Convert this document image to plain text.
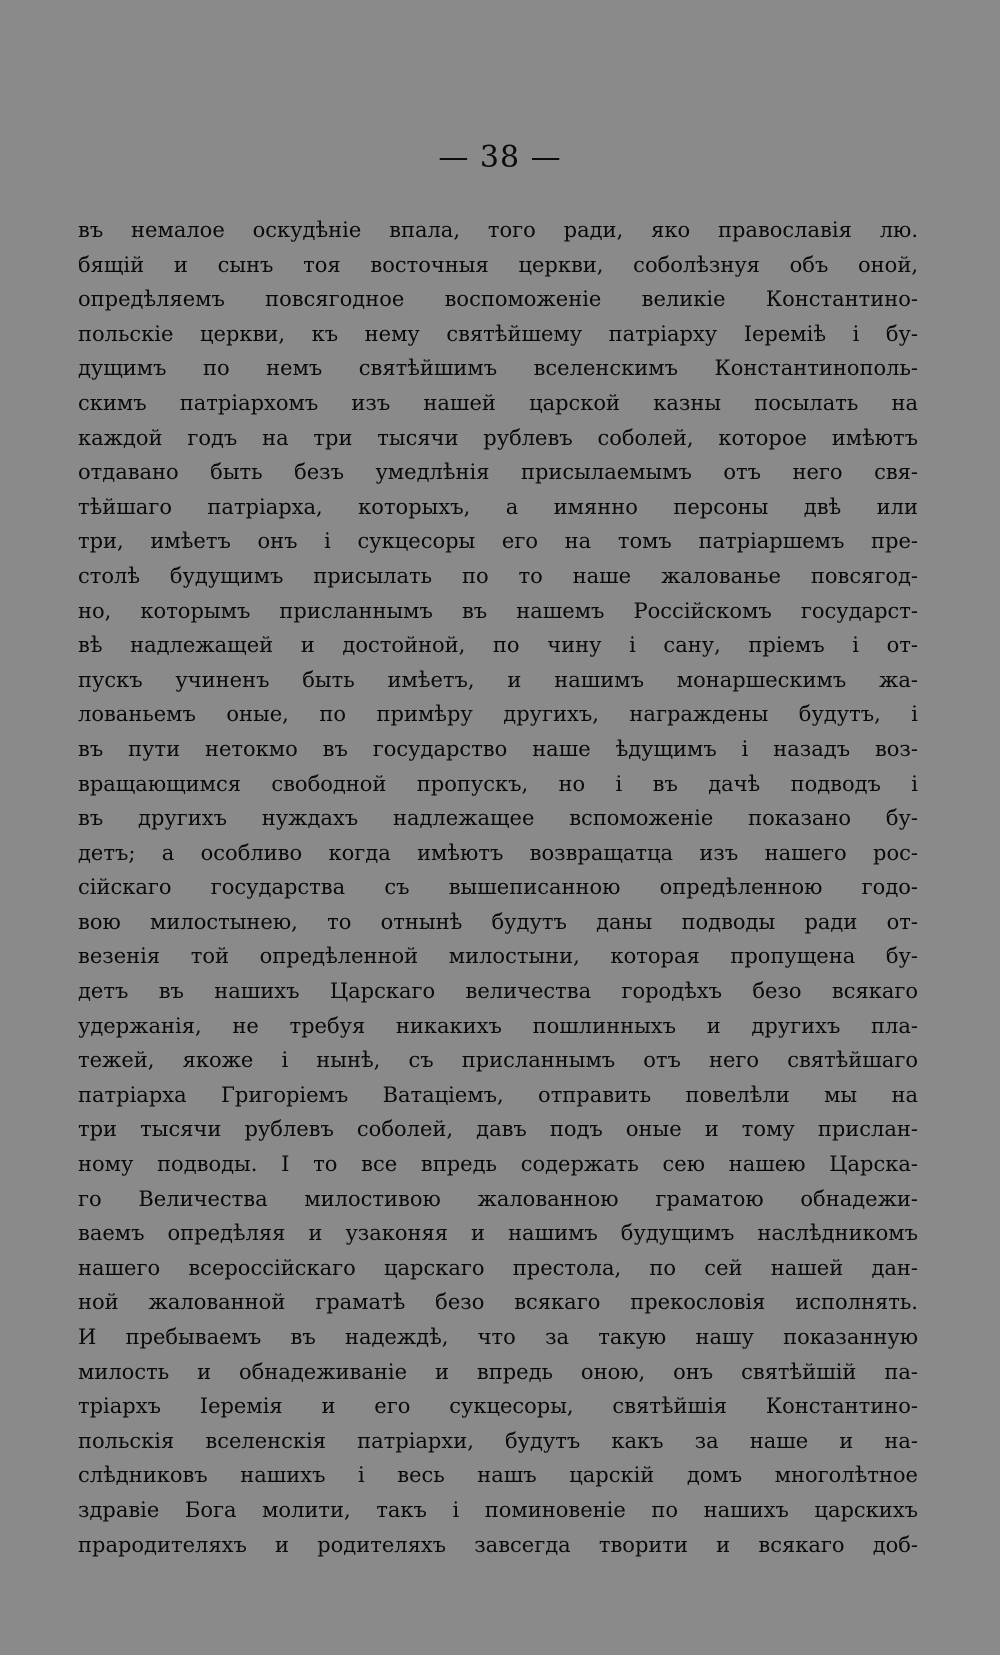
— 38 —
въ немалое оскудѣніе впала, того ради, яко православія лю.
бящій и сынъ тоя восточныя церкви, соболѣзнуя объ оной,
опредѣляемъ повсягодное воспоможеніе великіе Константино-
польскіе церкви, къ нему святѣйшему патріарху Іереміѣ і бу-
дущимъ по немъ святѣйшимъ вселенскимъ Константинополь-
скимъ патріархомъ изъ нашей царской казны посылать на
каждой годъ на три тысячи рублевъ соболей, которое имѣютъ
отдавано быть безъ умедлѣнія присылаемымъ отъ него свя-
тѣйшаго патріарха, которыхъ, а имянно персоны двѣ или
три, имѣетъ онъ і сукцесоры его на томъ патріаршемъ пре-
столѣ будущимъ присылать по то наше жалованье повсягод-
но, которымъ присланнымъ въ нашемъ Россійскомъ государст-
вѣ надлежащей и достойной, по чину і сану, пріемъ і от-
пускъ учиненъ быть имѣетъ, и нашимъ монаршескимъ жа-
лованьемъ оные, по примѣру другихъ, награждены будутъ, і
въ пути нетокмо въ государство наше ѣдущимъ і назадъ воз-
вращающимся свободной пропускъ, но і въ дачѣ подводъ і
въ другихъ нуждахъ надлежащее вспоможеніе показано бу-
детъ; а особливо когда имѣютъ возвращатца изъ нашего рос-
сійскаго государства съ вышеписанною опредѣленною годо-
вою милостынею, то отнынѣ будутъ даны подводы ради от-
везенія той опредѣленной милостыни, которая пропущена бу-
детъ въ нашихъ Царскаго величества городѣхъ безо всякаго
удержанія, не требуя никакихъ пошлинныхъ и другихъ пла-
тежей, якоже і нынѣ, съ присланнымъ отъ него святѣйшаго
патріарха Григоріемъ Ватаціемъ, отправить повелѣли мы на
три тысячи рублевъ соболей, давъ подъ оные и тому прислан-
ному подводы. І то все впредь содержать сею нашею Царска-
го Величества милостивою жалованною граматою обнадежи-
ваемъ опредѣляя и узаконяя и нашимъ будущимъ наслѣдникомъ
нашего всероссійскаго царскаго престола, по сей нашей дан-
ной жалованной граматѣ безо всякаго прекословія исполнять.
И пребываемъ въ надеждѣ, что за такую нашу показанную
милость и обнадеживаніе и впредь оною, онъ святѣйшій па-
тріархъ Іеремія и его сукцесоры, святѣйшія Константино-
польскія вселенскія патріархи, будутъ какъ за наше и на-
слѣдниковъ нашихъ і весь нашъ царскій домъ многолѣтное
здравіе Бога молити, такъ і поминовеніе по нашихъ царскихъ
прародителяхъ и родителяхъ завсегда творити и всякаго доб-
